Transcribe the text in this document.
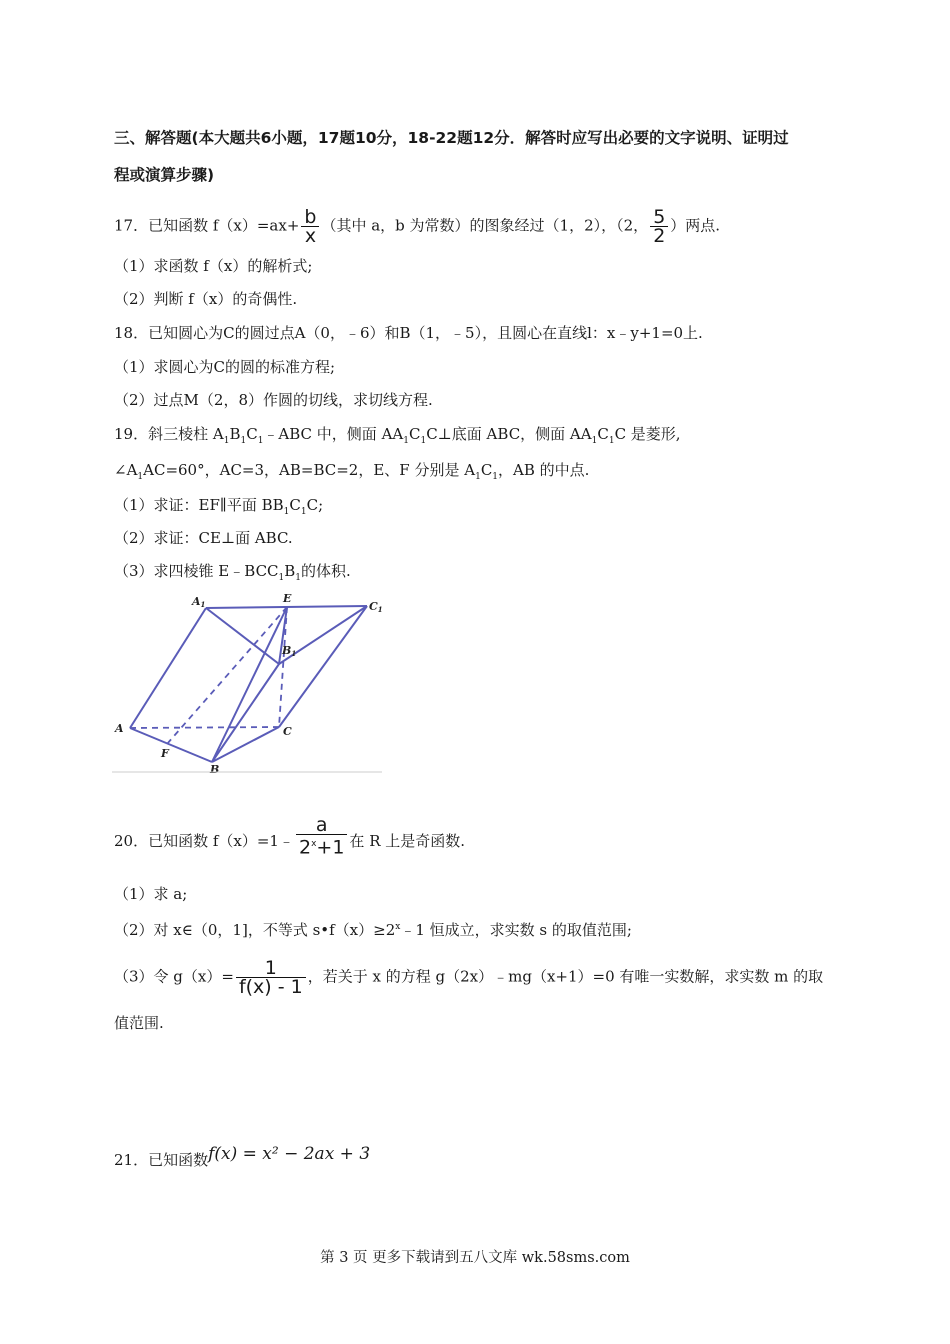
三、解答题(本大题共6小题，17题10分，18-22题12分．解答时应写出必要的文字说明、证明过
程或演算步骤)
17．已知函数 $f(x)=ax+ \frac{b}{x}$ （其中 a，b 为常数）的图象经过（1，2），（2， $\frac{5}{2}$ ）两点.
（1）求函数 f（x）的解析式;
（2）判断 f（x）的奇偶性.
18．已知圆心为C的圆过点A（0，﹣6）和B（1，﹣5），且圆心在直线l：x﹣y+1=0上.
（1）求圆心为C的圆的标准方程;
（2）过点M（2，8）作圆的切线，求切线方程.
19．斜三棱柱 $A_1B_1C_1﹣ABC$ 中，侧面 $AA_1C_1C\perp$底面 ABC，侧面 $AA_1C_1C$ 是菱形,
$\angle A_1AC=60^\circ$，AC=3，AB=BC=2，E、F 分别是 $A_1C_1$，AB 的中点.
（1）求证：EF∥平面 $BB_1C_1C$;
（2）求证：CE⊥面 ABC.
（3）求四棱锥 $E﹣BCC_1B_1$的体积.
A1	E
C1
B1
A	C
F
B
20．已知函数 f（x）=1﹣ $\frac{a}{2^x+1}$ 在 R 上是奇函数.
（1）求 a;
（2）对 x∈（0，1]，不等式 $s•f(x)\ge 2^x﹣1$ 恒成立，求实数 s 的取值范围;
（3）令 $g(x)= \frac{1}{f(x) - 1}$ ，若关于 x 的方程 g（2x）﹣mg（x+1）=0 有唯一实数解，求实数 m 的取
值范围.
21．已知函数f(x) = x² − 2ax + 3
第 3 页 更多下载请到五八文库 wk.58sms.com
